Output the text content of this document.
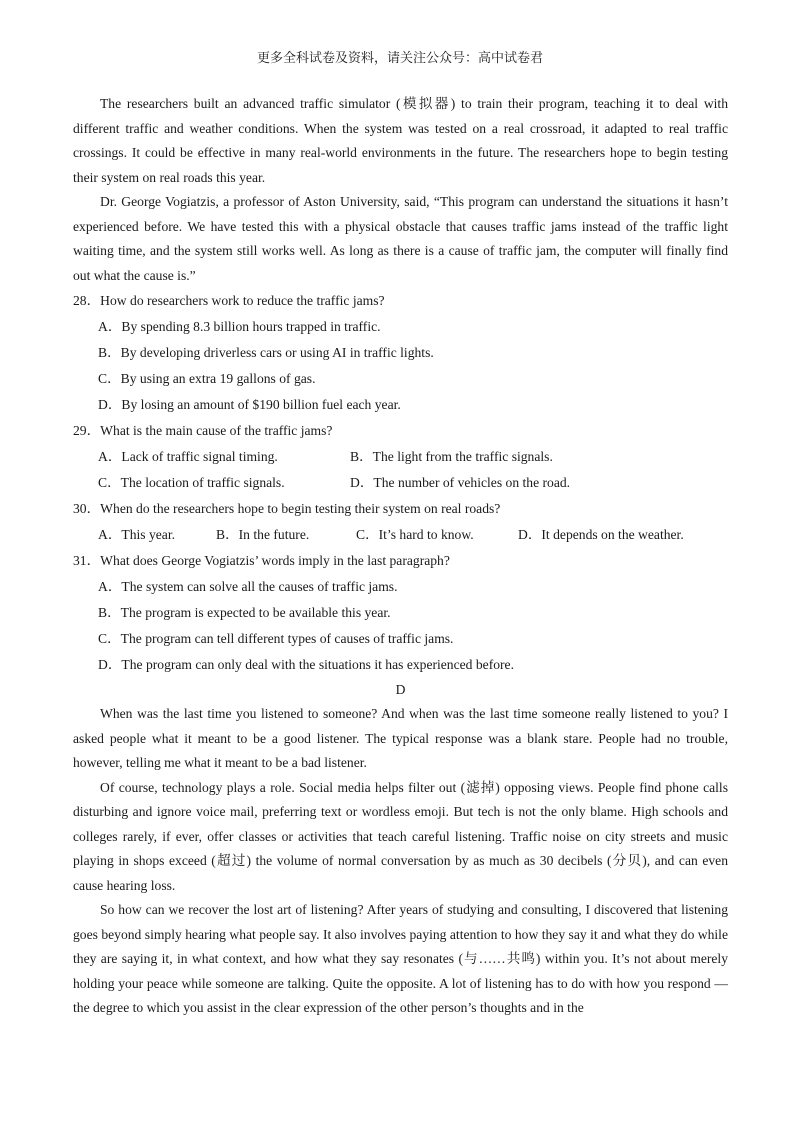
更多全科试卷及资料，请关注公众号：高中试卷君

The researchers built an advanced traffic simulator (模拟器) to train their program, teaching it to deal with different traffic and weather conditions. When the system was tested on a real crossroad, it adapted to real traffic crossings. It could be effective in many real-world environments in the future. The researchers hope to begin testing their system on real roads this year.

Dr. George Vogiatzis, a professor of Aston University, said, “This program can understand the situations it hasn’t experienced before. We have tested this with a physical obstacle that causes traffic jams instead of the traffic light waiting time, and the system still works well. As long as there is a cause of traffic jam, the computer will finally find out what the cause is.”

28．How do researchers work to reduce the traffic jams?

A．By spending 8.3 billion hours trapped in traffic.

B．By developing driverless cars or using AI in traffic lights.

C．By using an extra 19 gallons of gas.

D．By losing an amount of $190 billion fuel each year.

29．What is the main cause of the traffic jams?

A．Lack of traffic signal timing.	B．The light from the traffic signals.
C．The location of traffic signals.	D．The number of vehicles on the road.

30．When do the researchers hope to begin testing their system on real roads?

A．This year.	B．In the future.	C．It’s hard to know.	D．It depends on the weather.

31．What does George Vogiatzis’ words imply in the last paragraph?

A．The system can solve all the causes of traffic jams.

B．The program is expected to be available this year.

C．The program can tell different types of causes of traffic jams.

D．The program can only deal with the situations it has experienced before.

D

When was the last time you listened to someone? And when was the last time someone really listened to you? I asked people what it meant to be a good listener. The typical response was a blank stare. People had no trouble, however, telling me what it meant to be a bad listener.

Of course, technology plays a role. Social media helps filter out (滤掉) opposing views. People find phone calls disturbing and ignore voice mail, preferring text or wordless emoji. But tech is not the only blame. High schools and colleges rarely, if ever, offer classes or activities that teach careful listening. Traffic noise on city streets and music playing in shops exceed (超过) the volume of normal conversation by as much as 30 decibels (分贝), and can even cause hearing loss.

So how can we recover the lost art of listening? After years of studying and consulting, I discovered that listening goes beyond simply hearing what people say. It also involves paying attention to how they say it and what they do while they are saying it, in what context, and how what they say resonates (与……共鸣) within you. It’s not about merely holding your peace while someone are talking. Quite the opposite. A lot of listening has to do with how you respond — the degree to which you assist in the clear expression of the other person’s thoughts and in the
